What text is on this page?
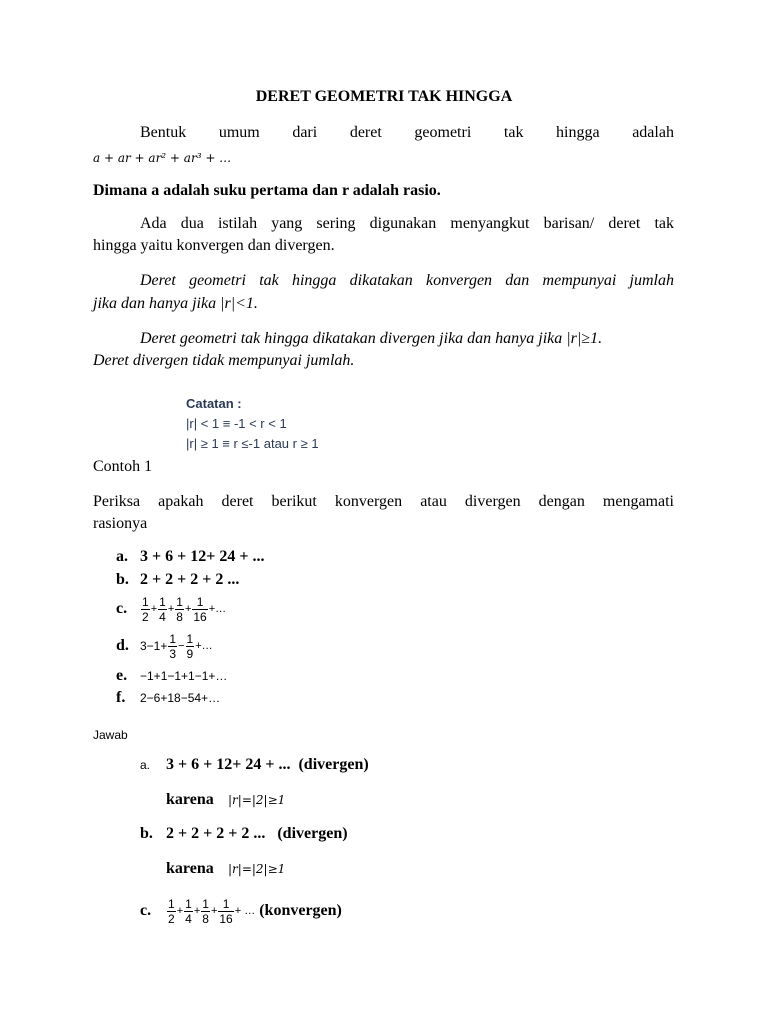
DERET GEOMETRI TAK HINGGA
Bentuk umum dari deret geometri tak hingga adalah
a + ar + ar² + ar³ + …
Dimana a adalah suku pertama dan r adalah rasio.
Ada dua istilah yang sering digunakan menyangkut barisan/ deret tak
hingga yaitu konvergen dan divergen.
Deret geometri tak hingga dikatakan konvergen dan mempunyai jumlah
jika dan hanya jika |r|<1.
Deret geometri tak hingga dikatakan divergen jika dan hanya jika |r|≥1.
Deret divergen tidak mempunyai jumlah.
Catatan :
|r| < 1 ≡ -1 < r < 1
|r| ≥ 1 ≡ r ≤-1 atau r ≥ 1
Contoh 1
Periksa apakah deret berikut konvergen atau divergen dengan mengamati
rasionya
a. 3 + 6 + 12+ 24 + ...
b. 2 + 2 + 2 + 2 ...
c.	$\frac{1}{2} + \frac{1}{4} + \frac{1}{8} + \frac{1}{16}$ +…
d. $3-1+ \frac{1}{3} - \frac{1}{9}$ +…
e. −1+1−1+1−1+…
f. 2−6+18−54+…
Jawab
a. 3 + 6 + 12+ 24 + ...  (divergen)
karena |r|=|2|≥1
b. 2 + 2 + 2 + 2 ...   (divergen)
karena |r|=|2|≥1
c.	$\frac{1}{2} + \frac{1}{4} + \frac{1}{8} + \frac{1}{16}$ + … (konvergen)
